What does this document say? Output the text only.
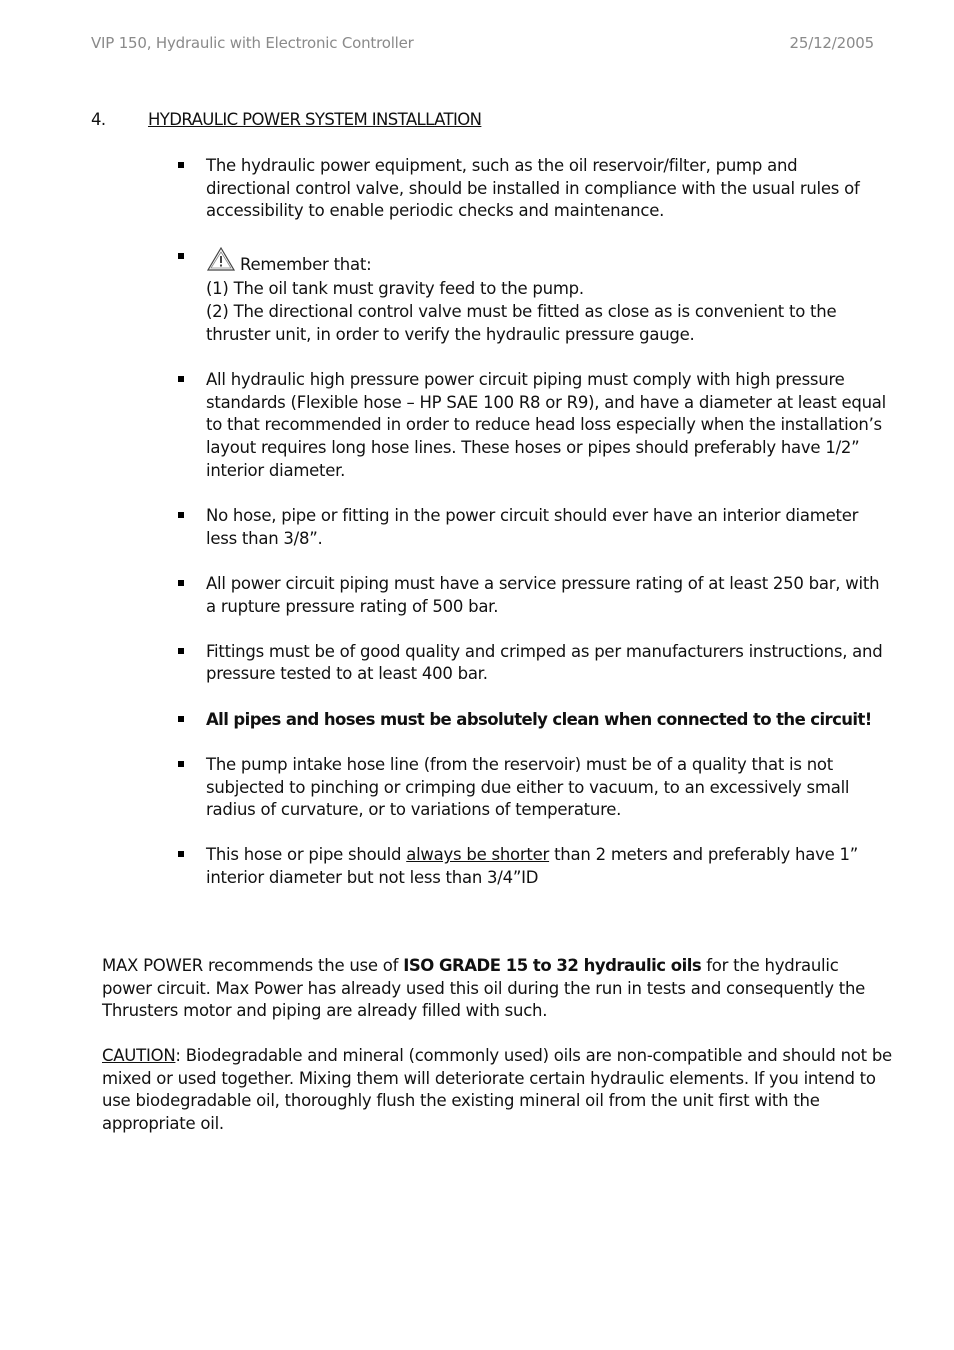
VIP 150, Hydraulic with Electronic Controller	25/12/2005
4.	HYDRAULIC POWER SYSTEM INSTALLATION

The hydraulic power equipment, such as the oil reservoir/filter, pump and directional control valve, should be installed in compliance with the usual rules of accessibility to enable periodic checks and maintenance.

Remember that:

(1) The oil tank must gravity feed to the pump.

(2) The directional control valve must be fitted as close as is convenient to the thruster unit, in order to verify the hydraulic pressure gauge.

All hydraulic high pressure power circuit piping must comply with high pressure standards (Flexible hose – HP SAE 100 R8 or R9), and have a diameter at least equal to that recommended in order to reduce head loss especially when the installation’s layout requires long hose lines. These hoses or pipes should preferably have 1/2” interior diameter.

No hose, pipe or fitting in the power circuit should ever have an interior diameter less than 3/8”.

All power circuit piping must have a service pressure rating of at least 250 bar, with a rupture pressure rating of 500 bar.

Fittings must be of good quality and crimped as per manufacturers instructions, and pressure tested to at least 400 bar.

All pipes and hoses must be absolutely clean when connected to the circuit!

The pump intake hose line (from the reservoir) must be of a quality that is not subjected to pinching or crimping due either to vacuum, to an excessively small radius of curvature, or to variations of temperature.

This hose or pipe should always be shorter than 2 meters and preferably have 1” interior diameter but not less than 3/4”ID

MAX POWER recommends the use of ISO GRADE 15 to 32 hydraulic oils for the hydraulic power circuit. Max Power has already used this oil during the run in tests and consequently the Thrusters motor and piping are already filled with such.

CAUTION: Biodegradable and mineral (commonly used) oils are non-compatible and should not be mixed or used together. Mixing them will deteriorate certain hydraulic elements. If you intend to use biodegradable oil, thoroughly flush the existing mineral oil from the unit first with the appropriate oil.
